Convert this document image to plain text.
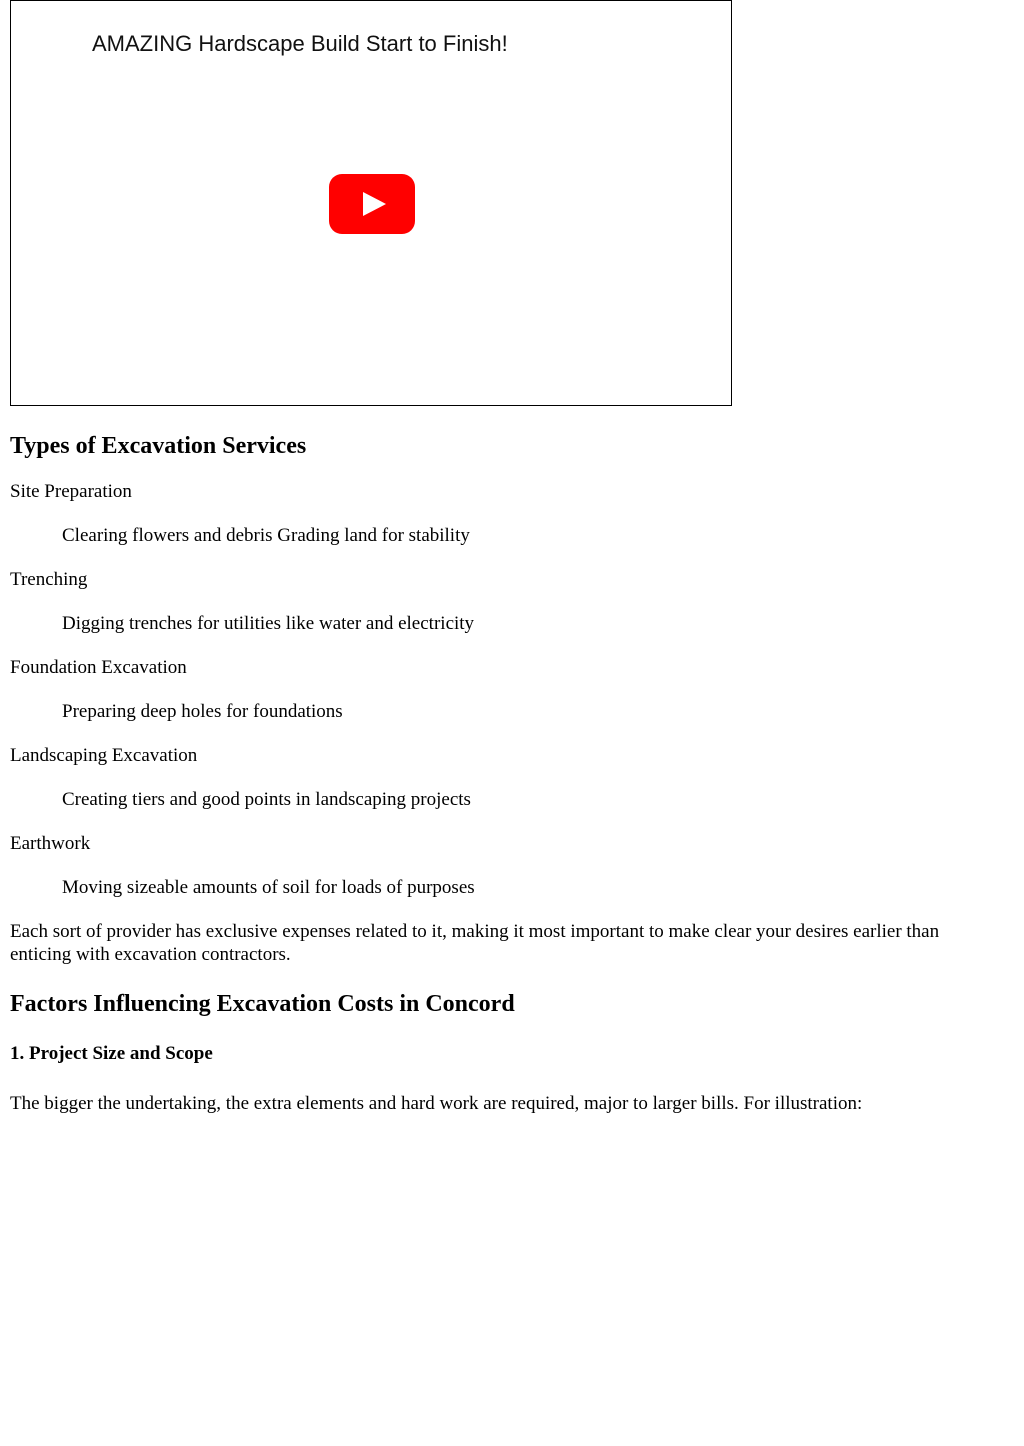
AMAZING Hardscape Build Start to Finish!
Types of Excavation Services
Site Preparation
Clearing flowers and debris Grading land for stability
Trenching
Digging trenches for utilities like water and electricity
Foundation Excavation
Preparing deep holes for foundations
Landscaping Excavation
Creating tiers and good points in landscaping projects
Earthwork
Moving sizeable amounts of soil for loads of purposes

Each sort of provider has exclusive expenses related to it, making it most important to make clear your desires earlier than enticing with excavation contractors.

Factors Influencing Excavation Costs in Concord
1. Project Size and Scope

The bigger the undertaking, the extra elements and hard work are required, major to larger bills. For illustration:
